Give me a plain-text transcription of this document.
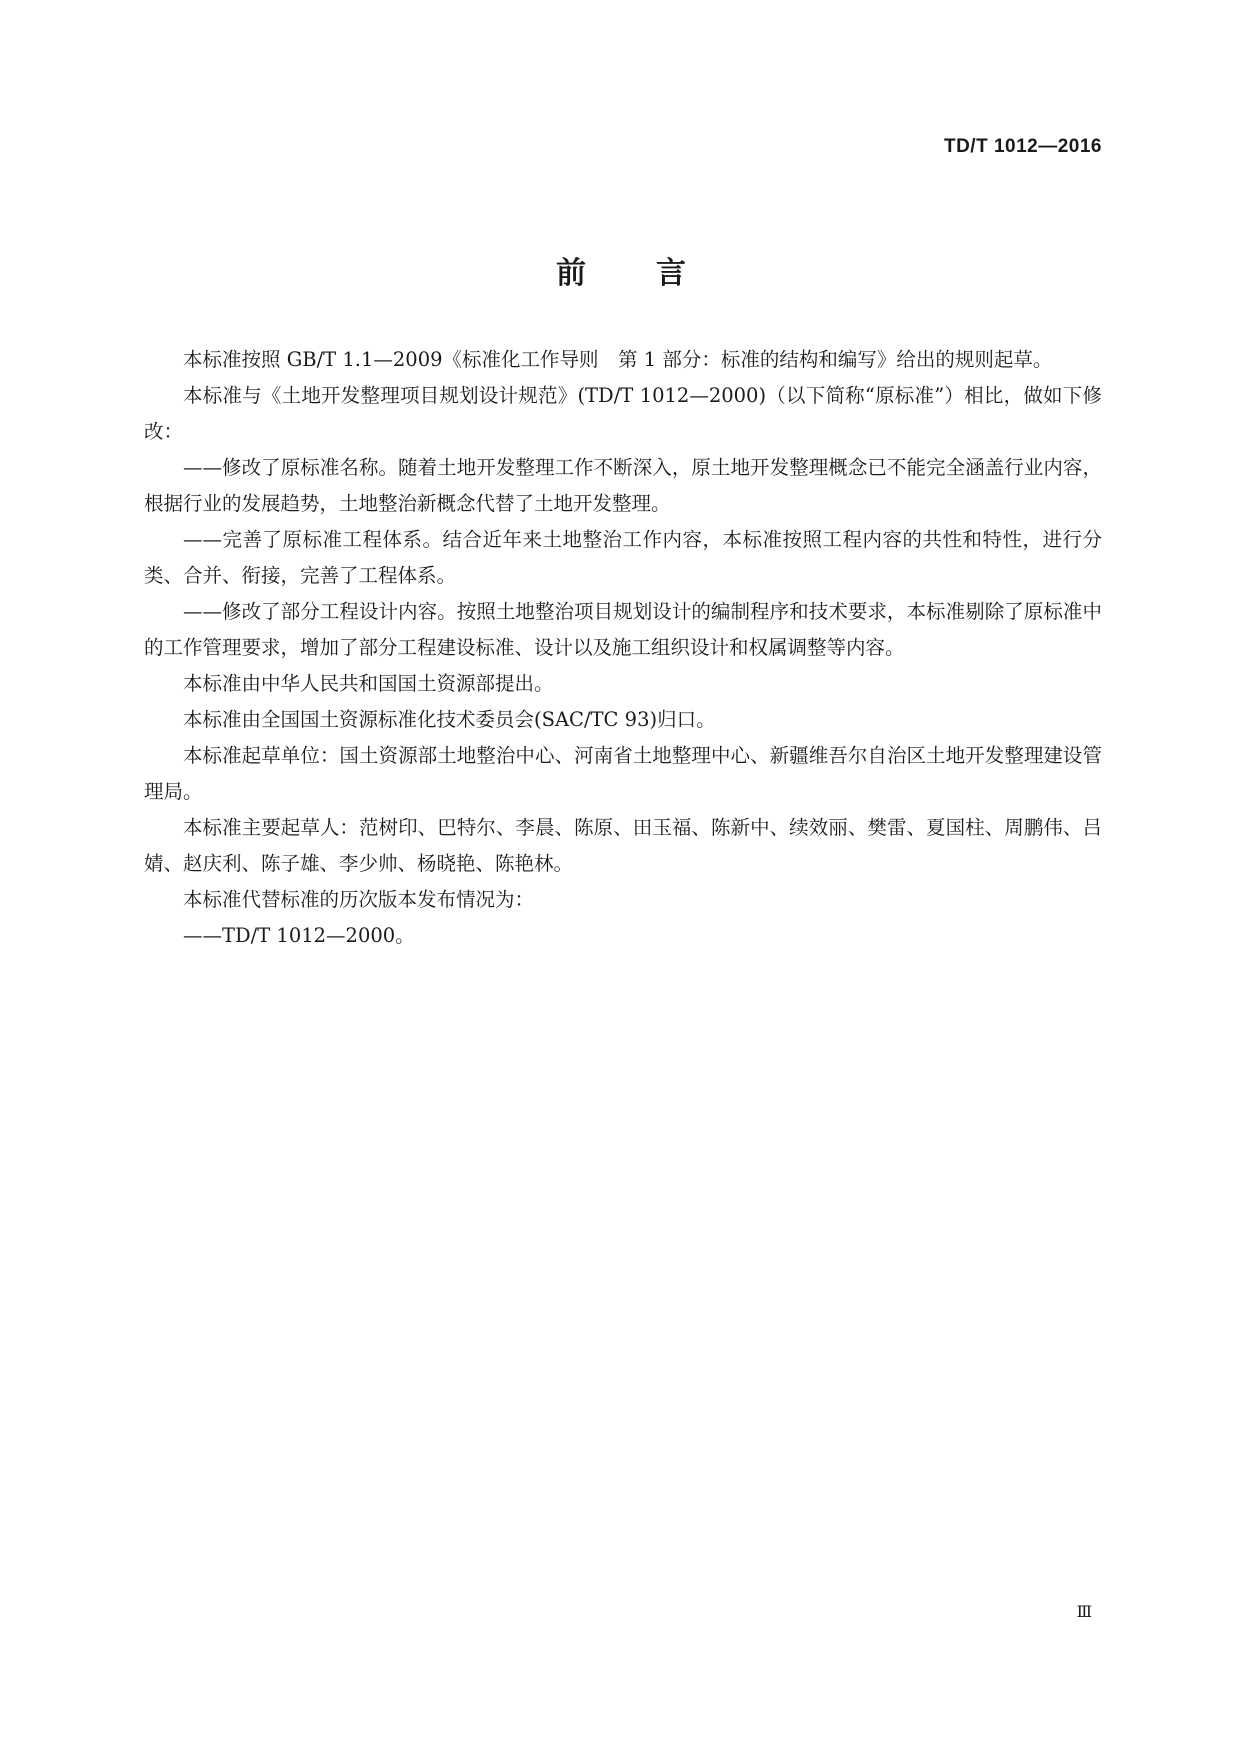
TD/T 1012—2016
前言

本标准按照 GB/T 1.1—2009《标准化工作导则　第 1 部分：标准的结构和编写》给出的规则起草。

本标准与《土地开发整理项目规划设计规范》(TD/T 1012—2000)（以下简称“原标准”）相比，做如下修改：

——修改了原标准名称。随着土地开发整理工作不断深入，原土地开发整理概念已不能完全涵盖行业内容，根据行业的发展趋势，土地整治新概念代替了土地开发整理。

——完善了原标准工程体系。结合近年来土地整治工作内容，本标准按照工程内容的共性和特性，进行分类、合并、衔接，完善了工程体系。

——修改了部分工程设计内容。按照土地整治项目规划设计的编制程序和技术要求，本标准剔除了原标准中的工作管理要求，增加了部分工程建设标准、设计以及施工组织设计和权属调整等内容。

本标准由中华人民共和国国土资源部提出。

本标准由全国国土资源标准化技术委员会(SAC/TC 93)归口。

本标准起草单位：国土资源部土地整治中心、河南省土地整理中心、新疆维吾尔自治区土地开发整理建设管理局。

本标准主要起草人：范树印、巴特尔、李晨、陈原、田玉福、陈新中、续效丽、樊雷、夏国柱、周鹏伟、吕婧、赵庆利、陈子雄、李少帅、杨晓艳、陈艳林。

本标准代替标准的历次版本发布情况为：

——TD/T 1012—2000。

Ⅲ
